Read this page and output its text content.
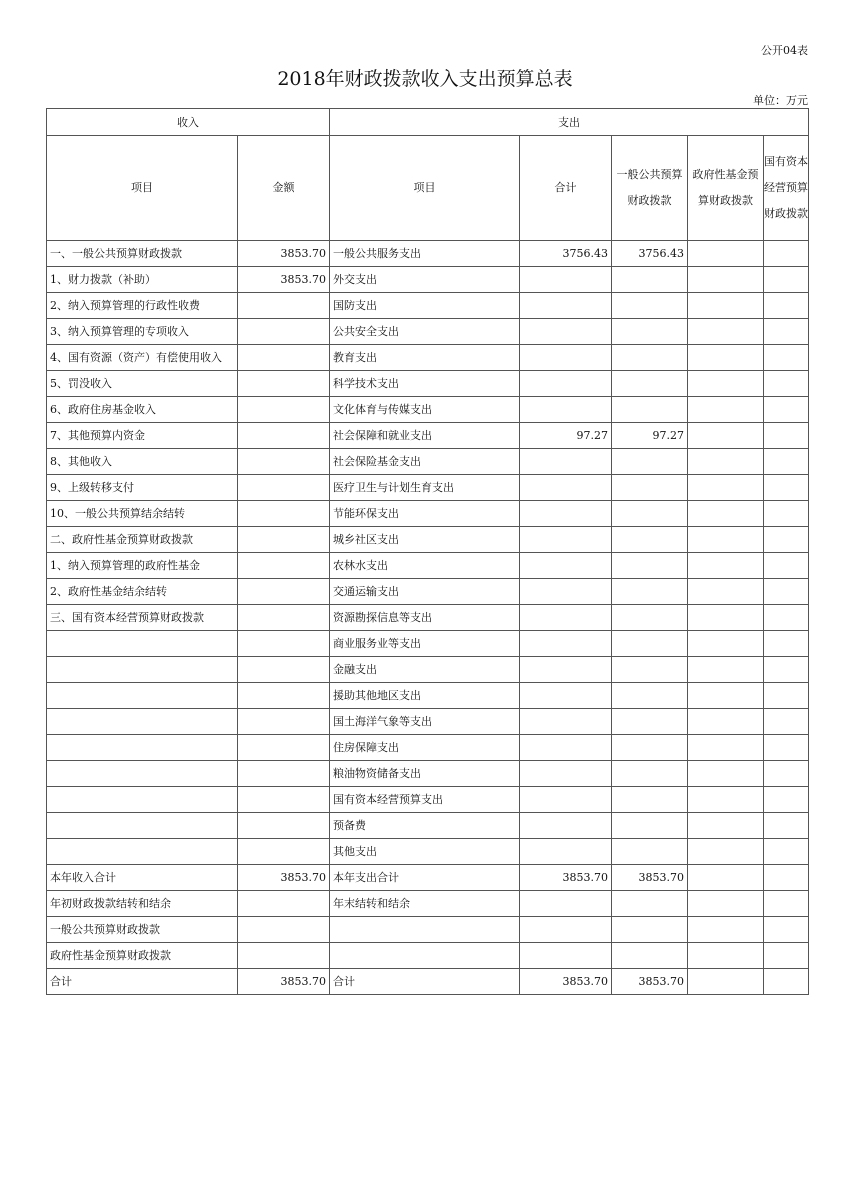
公开04表
2018年财政拨款收入支出预算总表
单位：万元
收入		支出				
项目	金额	项目	合计	一般公共预算财政拨款	政府性基金预算财政拨款	国有资本经营预算财政拨款
一、一般公共预算财政拨款	3853.70	一般公共服务支出	3756.43	3756.43		
1、财力拨款（补助）	3853.70	外交支出				
2、纳入预算管理的行政性收费		国防支出				
3、纳入预算管理的专项收入		公共安全支出				
4、国有资源（资产）有偿使用收入		教育支出				
5、罚没收入		科学技术支出				
6、政府住房基金收入		文化体育与传媒支出				
7、其他预算内资金		社会保障和就业支出	97.27	97.27		
8、其他收入		社会保险基金支出				
9、上级转移支付		医疗卫生与计划生育支出				
10、一般公共预算结余结转		节能环保支出				
二、政府性基金预算财政拨款		城乡社区支出				
1、纳入预算管理的政府性基金		农林水支出				
2、政府性基金结余结转		交通运输支出				
三、国有资本经营预算财政拨款		资源勘探信息等支出				
		商业服务业等支出				
		金融支出				
		援助其他地区支出				
		国土海洋气象等支出				
		住房保障支出				
		粮油物资储备支出				
		国有资本经营预算支出				
		预备费				
		其他支出				
本年收入合计	3853.70	本年支出合计	3853.70	3853.70		
年初财政拨款结转和结余		年末结转和结余				
一般公共预算财政拨款						
政府性基金预算财政拨款						
合计	3853.70	合计	3853.70	3853.70		
